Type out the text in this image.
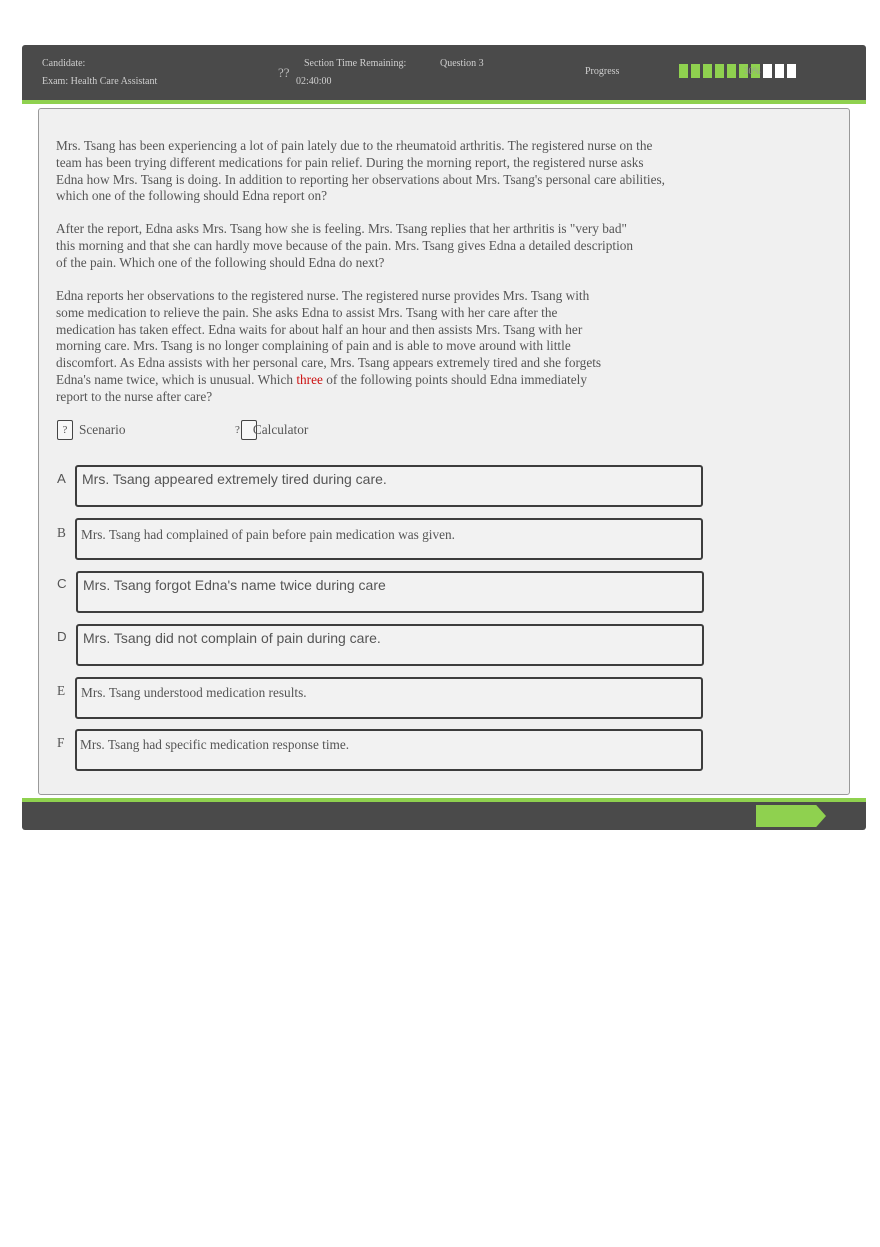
Candidate:
Exam: Health Care Assistant
??
Section Time Remaining:
02:40:00
Question 3
Progress	30%

Mrs. Tsang has been experiencing a lot of pain lately due to the rheumatoid arthritis. The registered nurse on the team has been trying different medications for pain relief. During the morning report, the registered nurse asks Edna how Mrs. Tsang is doing. In addition to reporting her observations about Mrs. Tsang's personal care abilities, which one of the following should Edna report on?

After the report, Edna asks Mrs. Tsang how she is feeling. Mrs. Tsang replies that her arthritis is "very bad" this morning and that she can hardly move because of the pain. Mrs. Tsang gives Edna a detailed description of the pain. Which one of the following should Edna do next?

Edna reports her observations to the registered nurse. The registered nurse provides Mrs. Tsang with some medication to relieve the pain. She asks Edna to assist Mrs. Tsang with her care after the medication has taken effect. Edna waits for about half an hour and then assists Mrs. Tsang with her morning care. Mrs. Tsang is no longer complaining of pain and is able to move around with little discomfort. As Edna assists with her personal care, Mrs. Tsang appears extremely tired and she forgets Edna's name twice, which is unusual. Which three of the following points should Edna immediately report to the nurse after care?

? Scenario	? Calculator
A Mrs. Tsang appeared extremely tired during care.
B Mrs. Tsang had complained of pain before pain medication was given.
C Mrs. Tsang forgot Edna's name twice during care
D Mrs. Tsang did not complain of pain during care.
E Mrs. Tsang understood medication results.
F Mrs. Tsang had specific medication response time.
